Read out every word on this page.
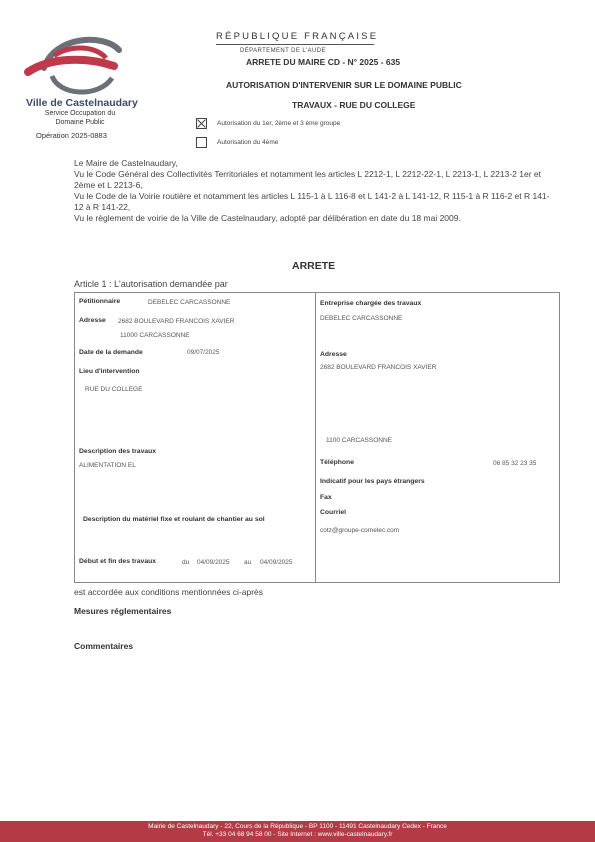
Ville de Castelnaudary
Service Occupation du Domaine Public
Opération 2025-0883
RÉPUBLIQUE FRANÇAISE
DÉPARTEMENT DE L'AUDE
ARRETE DU MAIRE CD - N° 2025 - 635
AUTORISATION D'INTERVENIR SUR LE DOMAINE PUBLIC
TRAVAUX - RUE DU COLLEGE
Autorisation du 1er, 2ème et 3 ème groupe
Autorisation du 4ème
Le Maire de Castelnaudary,
Vu le Code Général des Collectivités Territoriales et notamment les articles L 2212-1, L 2212-22-1, L 2213-1, L 2213-2 1er et 2ème et L 2213-6,
Vu le Code de la Voirie routière et notamment les articles L 115-1 à L 116-8 et L 141-2 à L 141-12, R 115-1 à R 116-2 et R 141-12 à R 141-22,
Vu le règlement de voirie de la Ville de Castelnaudary, adopté par délibération en date du 18 mai 2009.
ARRETE
Article 1 : L'autorisation demandée par
Pétitionnaire	DEBELEC CARCASSONNE
Adresse 2682 BOULEVARD FRANCOIS XAVIER
11000 CARCASSONNE
Date de la demande	09/07/2025
Lieu d'intervention
RUE DU COLLEGE
Description des travaux
ALIMENTATION EL
Description du matériel fixe et roulant de chantier au sol
Début et fin des travaux	du 04/09/2025 au 04/09/2025
Entreprise chargée des travaux
DEBELEC CARCASSONNE
Adresse
2682 BOULEVARD FRANCOIS XAVIER
1100 CARCASSONNE
Téléphone	06 85 32 23 35
Indicatif pour les pays étrangers
Fax
Courriel
cotz@groupe-comelec.com
est accordée aux conditions mentionnées ci-après
Mesures réglementaires
Commentaires
Mairie de Castelnaudary - 22, Cours de la République - BP 1100 - 11491 Castelnaudary Cedex - France
Tél. +33 04 68 94 58 00 - Site Internet : www.ville-castelnaudary.fr
